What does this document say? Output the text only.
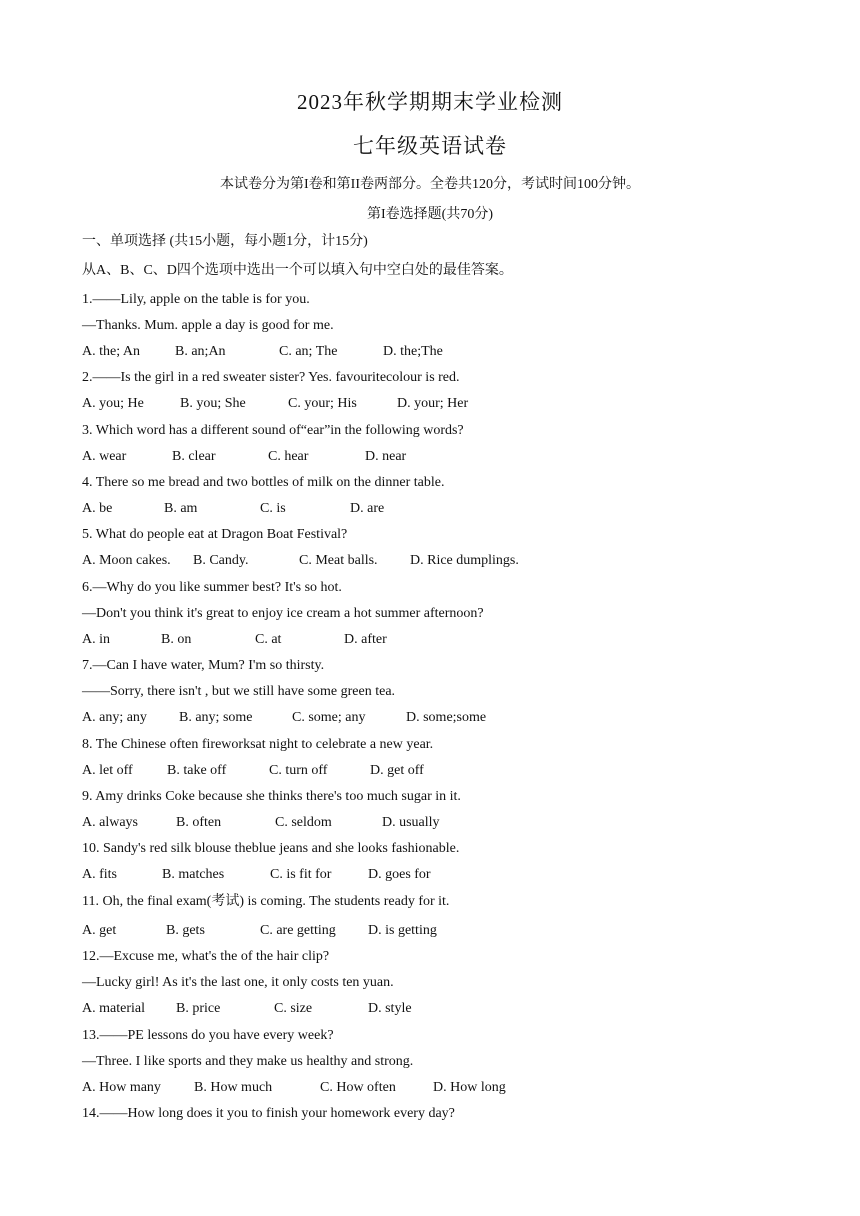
2023年秋学期期末学业检测
七年级英语试卷
本试卷分为第I卷和第II卷两部分。全卷共120分，考试时间100分钟。
第I卷选择题(共70分)
一、单项选择 (共15小题，每小题1分，计15分)
从A、B、C、D四个选项中选出一个可以填入句中空白处的最佳答案。
1.——Lily, apple on the table is for you.
—Thanks. Mum. apple a day is good for me.
A. the; An	B. an;An	C. an; The	D. the;The
2.——Is the girl in a red sweater sister? Yes. favouritecolour is red.
A. you; He	B. you; She	C. your; His	D. your; Her
3. Which word has a different sound of“ear”in the following words?
A. wear	B. clear	C. hear	D. near
4. There so me bread and two bottles of milk on the dinner table.
A. be	B. am	C. is	D. are
5. What do people eat at Dragon Boat Festival?
A. Moon cakes. B. Candy.	C. Meat balls. D. Rice dumplings.
6.—Why do you like summer best? It's so hot.
—Don't you think it's great to enjoy ice cream a hot summer afternoon?
A. in	B. on	C. at	D. after
7.—Can I have water, Mum? I'm so thirsty.
——Sorry, there isn't , but we still have some green tea.
A. any; any B. any; some	C. some; any	D. some;some
8. The Chinese often fireworksat night to celebrate a new year.
A. let off B. take off	C. turn off	D. get off
9. Amy drinks Coke because she thinks there's too much sugar in it.
A. always	B. often	C. seldom	D. usually
10. Sandy's red silk blouse theblue jeans and she looks fashionable.
A. fits	B. matches	C. is fit for	D. goes for
11. Oh, the final exam(考试) is coming. The students ready for it.
A. get	B. gets	C. are getting D. is getting
12.—Excuse me, what's the of the hair clip?
—Lucky girl! As it's the last one, it only costs ten yuan.
A. material B. price	C. size	D. style
13.——PE lessons do you have every week?
—Three. I like sports and they make us healthy and strong.
A. How many B. How much	C. How often	D. How long
14.——How long does it you to finish your homework every day?
